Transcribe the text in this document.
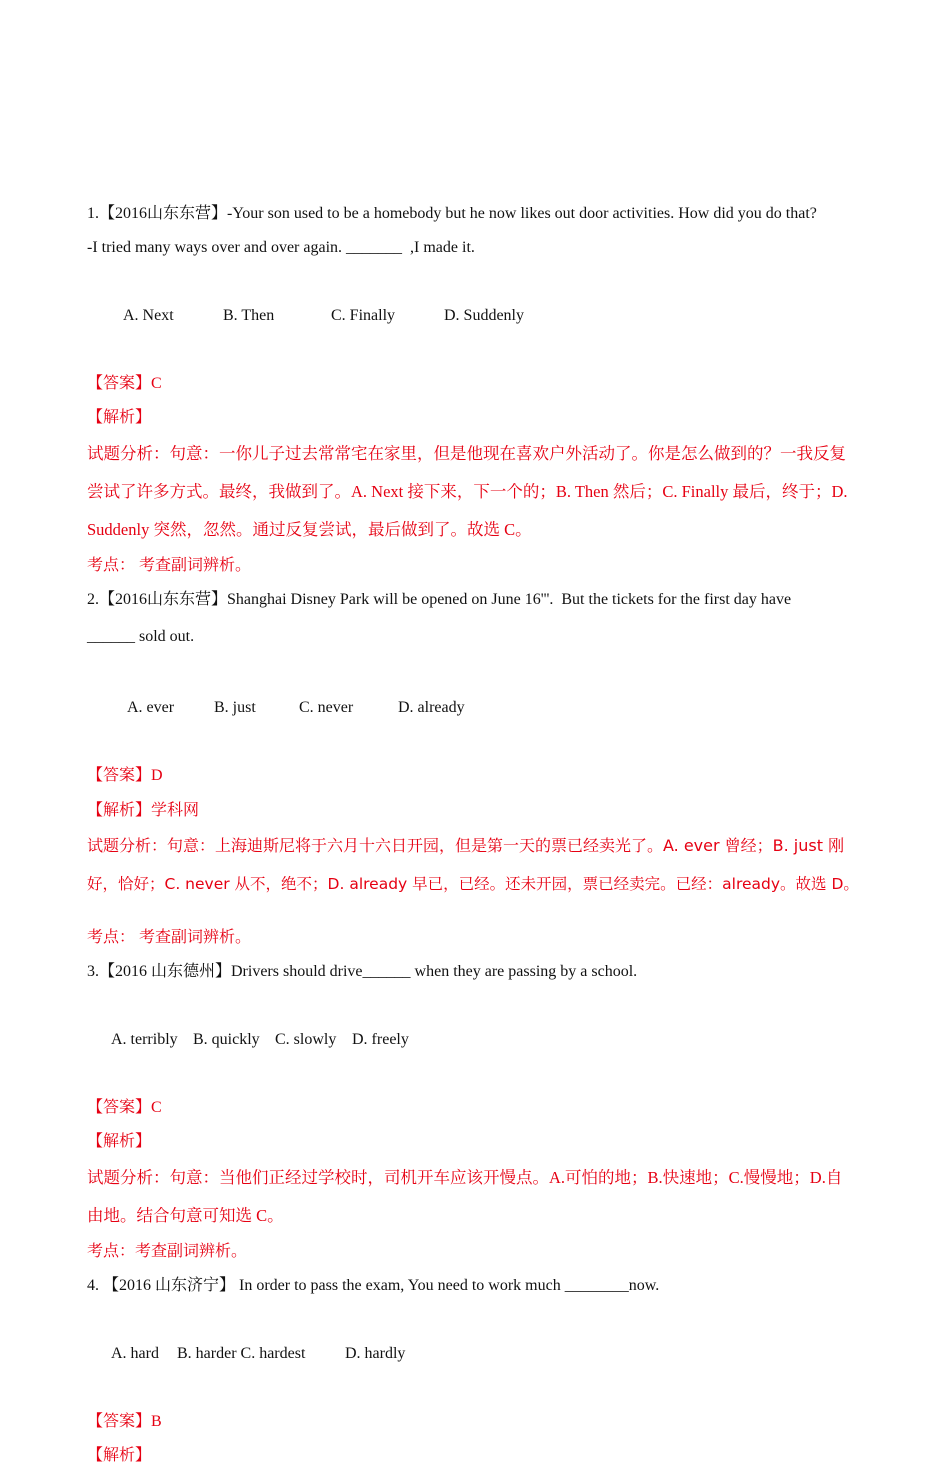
1.【2016山东东营】-Your son used to be a homebody but he now likes out door activities. How did you do that?
-I tried many ways over and over again. _______  ,I made it.

A. Next	B. Then	C. Finally	D. Suddenly

【答案】C
【解析】
试题分析：句意：一你儿子过去常常宅在家里，但是他现在喜欢户外活动了。你是怎么做到的？一我反复
尝试了许多方式。最终，我做到了。A. Next 接下来，下一个的；B. Then 然后；C. Finally 最后，终于；D.
Suddenly 突然，忽然。通过反复尝试，最后做到了。故选 C。
考点： 考查副词辨析。
2.【2016山东东营】Shanghai Disney Park will be opened on June 16'''.  But the tickets for the first day have
______ sold out.

A. ever B. just	C. never	D. already

【答案】D
【解析】学科网
试题分析：句意：上海迪斯尼将于六月十六日开园，但是第一天的票已经卖光了。A. ever 曾经；B. just 刚
好，恰好；C. never 从不，绝不；D. already 早已，已经。还未开园，票已经卖完。已经：already。故选 D。
考点： 考查副词辨析。
3.【2016 山东德州】Drivers should drive______ when they are passing by a school.

A. terribly B. quickly C. slowly D. freely

【答案】C
【解析】
试题分析：句意：当他们正经过学校时，司机开车应该开慢点。A.可怕的地；B.快速地；C.慢慢地；D.自
由地。结合句意可知选 C。
考点：考查副词辨析。
4. 【2016 山东济宁】 In order to pass the exam, You need to work much ________now.

A. hard B. harder C. hardest D. hardly

【答案】B
【解析】
